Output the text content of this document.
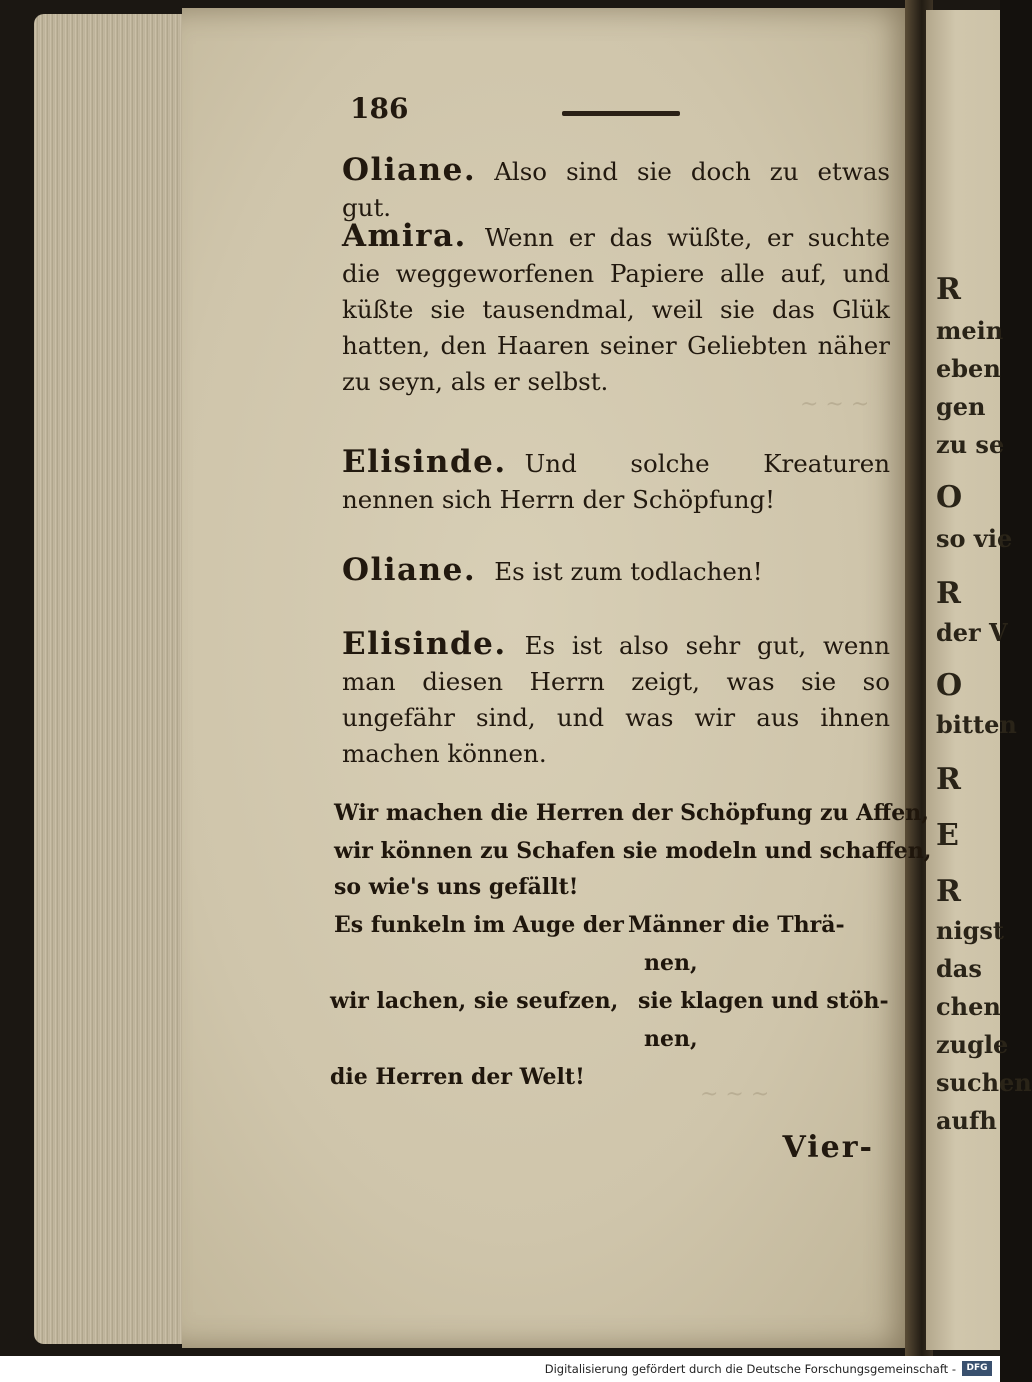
R
mein
eben
gen
zu se
O
so vie
R
der V
O
bitten
R
E
R
nigst
das
chen
zugle
suchen
aufh
~ ~ ~
~ ~ ~
186
Oliane. Also sind sie doch zu etwas gut.
Amira. Wenn er das wüßte, er suchte die weggeworfenen Papiere alle auf, und küßte sie tausendmal, weil sie das Glük hatten, den Haaren seiner Geliebten näher zu seyn, als er selbst.
Elisinde. Und solche Kreaturen nennen sich Herrn der Schöpfung!
Oliane. Es ist zum todlachen!
Elisinde. Es ist also sehr gut, wenn man diesen Herrn zeigt, was sie so ungefähr sind, und was wir aus ihnen machen können.
Wir machen die Herren der Schöpfung zu Affen,
wir können zu Schafen sie modeln und schaffen,
so wie's uns gefällt!
Es funkeln im Auge der Männer die Thrä-
nen,
wir lachen, sie seufzen, sie klagen und stöh-
nen,
die Herren der Welt!
Vier-
Digitalisierung gefördert durch die Deutsche Forschungsgemeinschaft -	DFG
